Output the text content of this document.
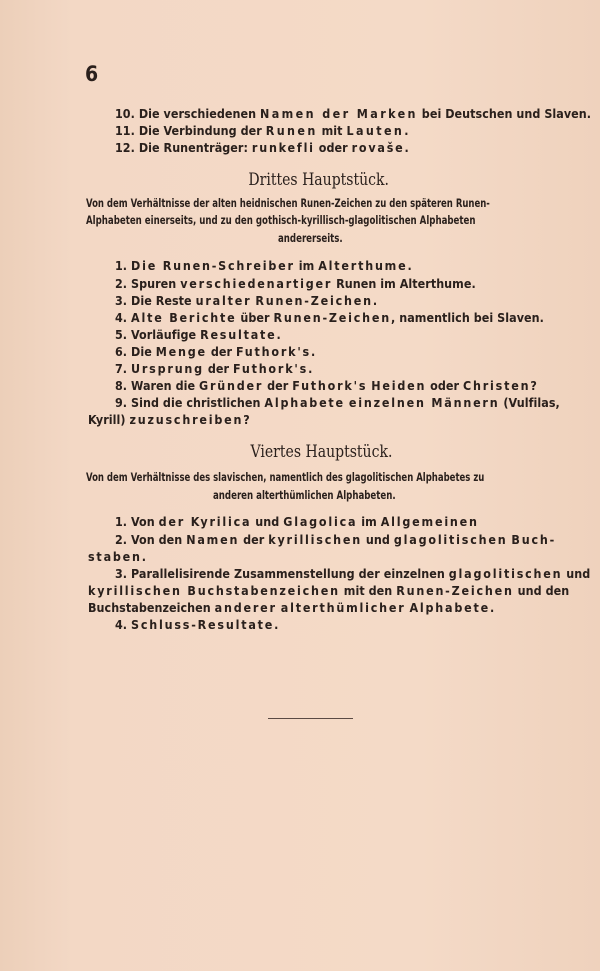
6
10. Die verschiedenen Namen der Marken bei Deutschen und Slaven.
11. Die Verbindung der Runen mit Lauten.
12. Die Runenträger: runkefli oder rovaše.
Drittes Hauptstück.
Von dem Verhältnisse der alten heidnischen Runen-Zeichen zu den späteren Runen-
Alphabeten einerseits, und zu den gothisch-kyrillisch-glagolitischen Alphabeten
andererseits.
1. Die Runen-Schreiber im Alterthume.
2. Spuren verschiedenartiger Runen im Alterthume.
3. Die Reste uralter Runen-Zeichen.
4. Alte Berichte über Runen-Zeichen, namentlich bei Slaven.
5. Vorläufige Resultate.
6. Die Menge der Futhork's.
7. Ursprung der Futhork's.
8. Waren die Gründer der Futhork's Heiden oder Christen?
9. Sind die christlichen Alphabete einzelnen Männern (Vulfilas,
Kyrill) zuzuschreiben?
Viertes Hauptstück.
Von dem Verhältnisse des slavischen, namentlich des glagolitischen Alphabetes zu
anderen alterthümlichen Alphabeten.
1. Von der Kyrilica und Glagolica im Allgemeinen
2. Von den Namen der kyrillischen und glagolitischen Buch-
staben.
3. Parallelisirende Zusammenstellung der einzelnen glagolitischen und
kyrillischen Buchstabenzeichen mit den Runen-Zeichen und den
Buchstabenzeichen anderer alterthümlicher Alphabete.
4. Schluss-Resultate.
